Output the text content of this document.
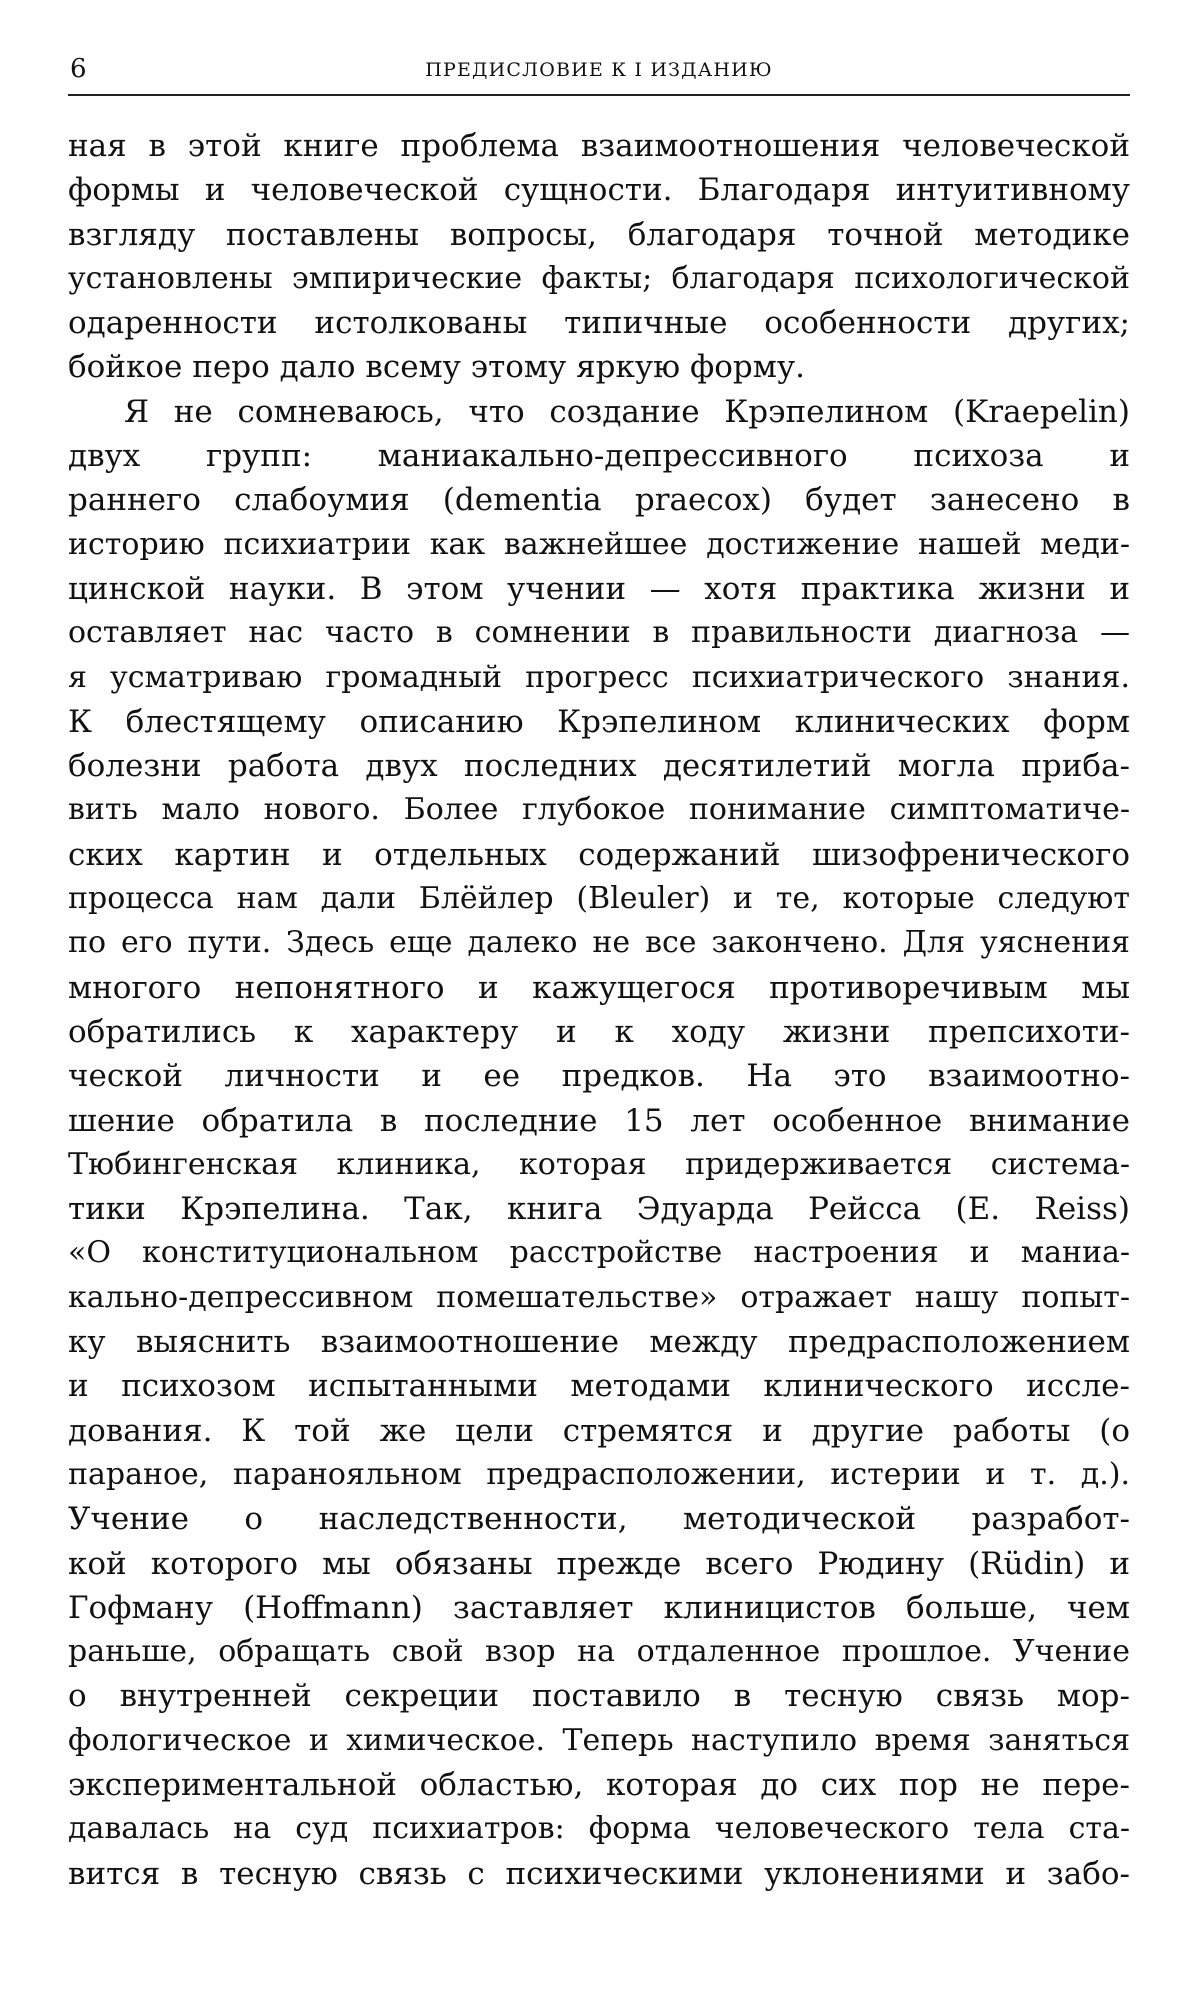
6	ПРЕДИСЛОВИЕ К I ИЗДАНИЮ
ная в этой книге проблема взаимоотношения человеческой
формы и человеческой сущности. Благодаря интуитивному
взгляду поставлены вопросы, благодаря точной методике
установлены эмпирические факты; благодаря психологической
одаренности истолкованы типичные особенности других;
бойкое перо дало всему этому яркую форму.
Я не сомневаюсь, что создание Крэпелином (Kraepelin)
двух групп: маниакально-депрессивного психоза и
раннего слабоумия (dementia praecox) будет занесено в
историю психиатрии как важнейшее достижение нашей меди-
цинской науки. В этом учении — хотя практика жизни и
оставляет нас часто в сомнении в правильности диагноза —
я усматриваю громадный прогресс психиатрического знания.
К блестящему описанию Крэпелином клинических форм
болезни работа двух последних десятилетий могла приба-
вить мало нового. Более глубокое понимание симптоматиче-
ских картин и отдельных содержаний шизофренического
процесса нам дали Блёйлер (Bleuler) и те, которые следуют
по его пути. Здесь еще далеко не все закончено. Для уяснения
многого непонятного и кажущегося противоречивым мы
обратились к характеру и к ходу жизни препсихоти-
ческой личности и ее предков. На это взаимоотно-
шение обратила в последние 15 лет особенное внимание
Тюбингенская клиника, которая придерживается система-
тики Крэпелина. Так, книга Эдуарда Рейсса (E. Reiss)
«О конституциональном расстройстве настроения и маниа-
кально-депрессивном помешательстве» отражает нашу попыт-
ку выяснить взаимоотношение между предрасположением
и психозом испытанными методами клинического иссле-
дования. К той же цели стремятся и другие работы (о
параное, паранояльном предрасположении, истерии и т. д.).
Учение о наследственности, методической разработ-
кой которого мы обязаны прежде всего Рюдину (Rüdin) и
Гофману (Hoffmann) заставляет клиницистов больше, чем
раньше, обращать свой взор на отдаленное прошлое. Учение
о внутренней секреции поставило в тесную связь мор-
фологическое и химическое. Теперь наступило время заняться
экспериментальной областью, которая до сих пор не пере-
давалась на суд психиатров: форма человеческого тела ста-
вится в тесную связь с психическими уклонениями и забо-
